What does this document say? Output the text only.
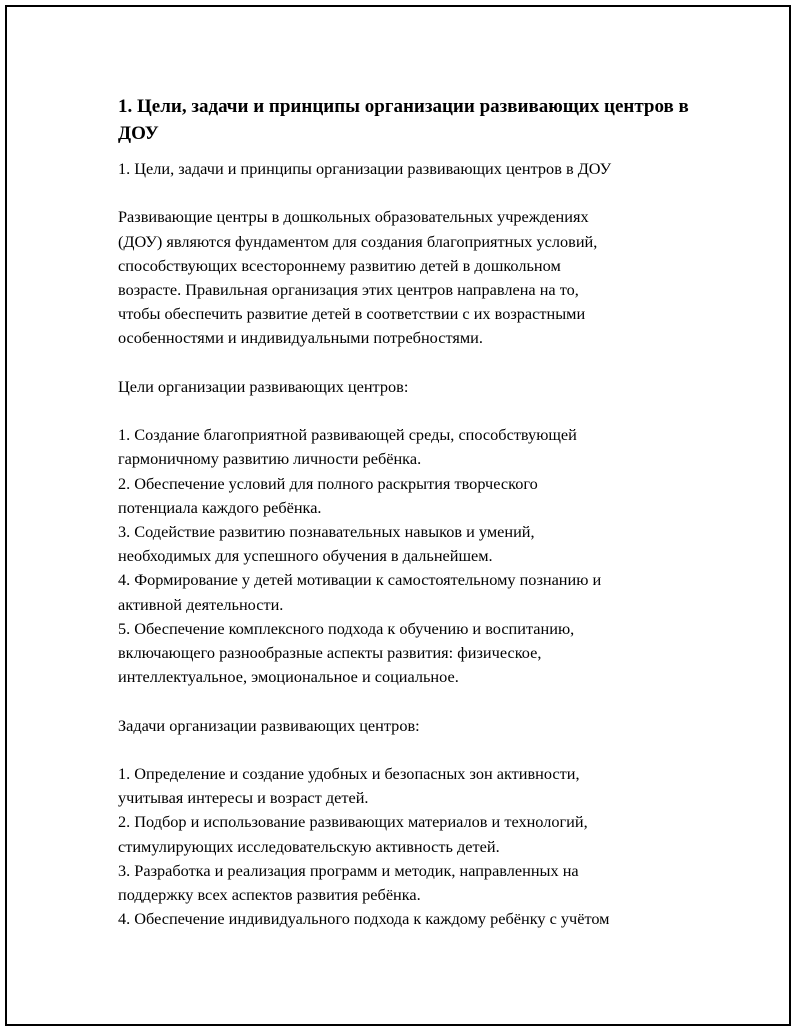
1. Цели, задачи и принципы организации развивающих центров в ДОУ

1. Цели, задачи и принципы организации развивающих центров в ДОУ

Развивающие центры в дошкольных образовательных учреждениях
(ДОУ) являются фундаментом для создания благоприятных условий,
способствующих всестороннему развитию детей в дошкольном
возрасте. Правильная организация этих центров направлена на то,
чтобы обеспечить развитие детей в соответствии с их возрастными
особенностями и индивидуальными потребностями.

Цели организации развивающих центров:

1. Создание благоприятной развивающей среды, способствующей
гармоничному развитию личности ребёнка.
2. Обеспечение условий для полного раскрытия творческого
потенциала каждого ребёнка.
3. Содействие развитию познавательных навыков и умений,
необходимых для успешного обучения в дальнейшем.
4. Формирование у детей мотивации к самостоятельному познанию и
активной деятельности.
5. Обеспечение комплексного подхода к обучению и воспитанию,
включающего разнообразные аспекты развития: физическое,
интеллектуальное, эмоциональное и социальное.

Задачи организации развивающих центров:

1. Определение и создание удобных и безопасных зон активности,
учитывая интересы и возраст детей.
2. Подбор и использование развивающих материалов и технологий,
стимулирующих исследовательскую активность детей.
3. Разработка и реализация программ и методик, направленных на
поддержку всех аспектов развития ребёнка.
4. Обеспечение индивидуального подхода к каждому ребёнку с учётом
